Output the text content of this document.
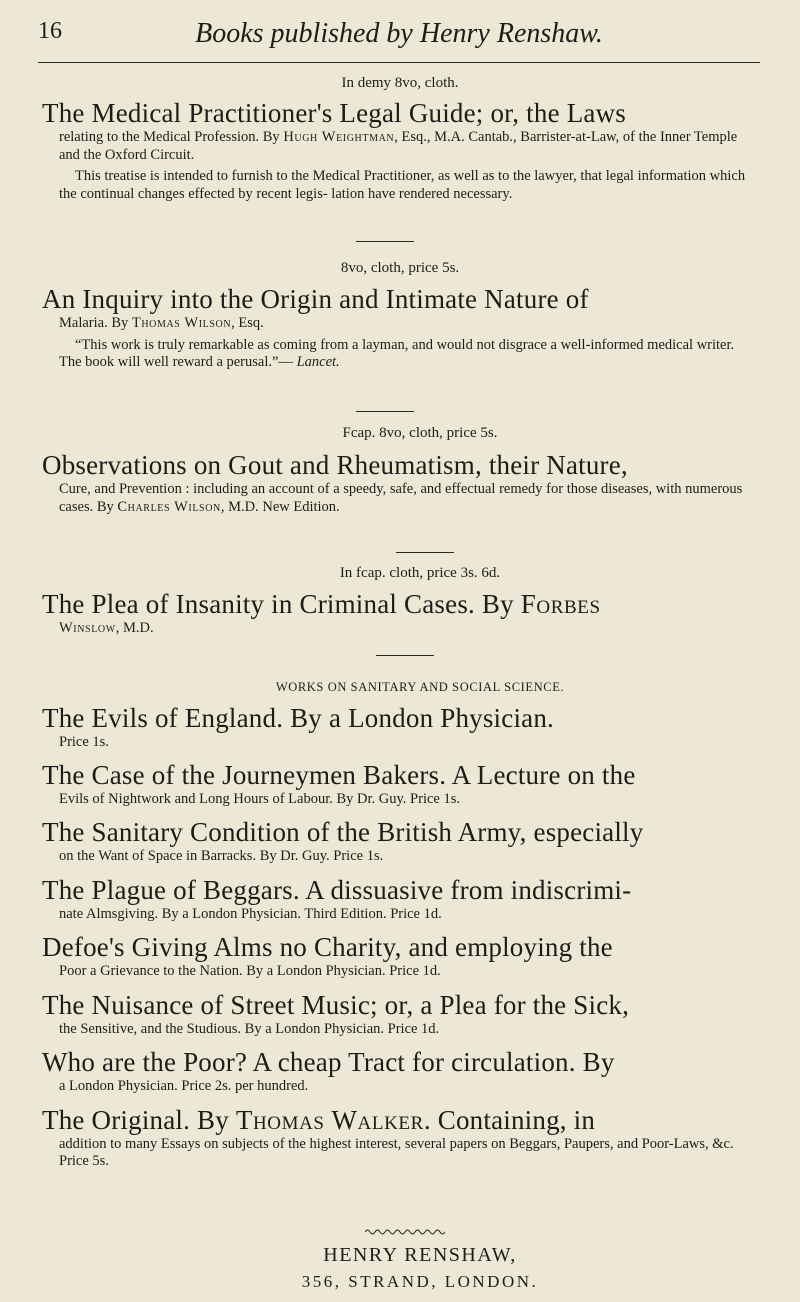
16	Books published by Henry Renshaw.
In demy 8vo, cloth.
The Medical Practitioner's Legal Guide; or, the Laws
relating to the Medical Profession. By Hugh Weightman, Esq., M.A. Cantab., Barrister-at-Law, of the Inner Temple and the Oxford Circuit.
This treatise is intended to furnish to the Medical Practitioner, as well as to the lawyer, that legal information which the continual changes effected by recent legis- lation have rendered necessary.
8vo, cloth, price 5s.
An Inquiry into the Origin and Intimate Nature of
Malaria. By Thomas Wilson, Esq.
“This work is truly remarkable as coming from a layman, and would not disgrace a well-informed medical writer. The book will well reward a perusal.”— Lancet.
Fcap. 8vo, cloth, price 5s.
Observations on Gout and Rheumatism, their Nature,
Cure, and Prevention : including an account of a speedy, safe, and effectual remedy for those diseases, with numerous cases. By Charles Wilson, M.D. New Edition.
In fcap. cloth, price 3s. 6d.
The Plea of Insanity in Criminal Cases. By Forbes
Winslow, M.D.
WORKS ON SANITARY AND SOCIAL SCIENCE.
The Evils of England. By a London Physician.
Price 1s.
The Case of the Journeymen Bakers. A Lecture on the
Evils of Nightwork and Long Hours of Labour. By Dr. Guy. Price 1s.
The Sanitary Condition of the British Army, especially
on the Want of Space in Barracks. By Dr. Guy. Price 1s.
The Plague of Beggars. A dissuasive from indiscrimi-
nate Almsgiving. By a London Physician. Third Edition. Price 1d.
Defoe's Giving Alms no Charity, and employing the
Poor a Grievance to the Nation. By a London Physician. Price 1d.
The Nuisance of Street Music; or, a Plea for the Sick,
the Sensitive, and the Studious. By a London Physician. Price 1d.
Who are the Poor? A cheap Tract for circulation. By
a London Physician. Price 2s. per hundred.
The Original. By Thomas Walker. Containing, in
addition to many Essays on subjects of the highest interest, several papers on Beggars, Paupers, and Poor-Laws, &c. Price 5s.
HENRY RENSHAW,
356, STRAND, LONDON.
